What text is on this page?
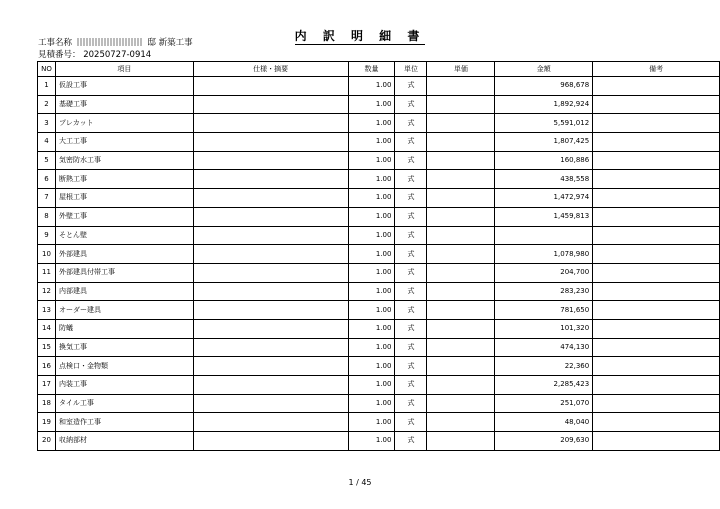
内 訳 明 細 書
工事名称	邸 新築工事
見積番号： 20250727-0914
NO	項目	仕様・摘要	数量	単位	単価	金額	備考
1	仮設工事		1.00	式		968,678	
2	基礎工事		1.00	式		1,892,924	
3	プレカット		1.00	式		5,591,012	
4	大工工事		1.00	式		1,807,425	
5	気密防水工事		1.00	式		160,886	
6	断熱工事		1.00	式		438,558	
7	屋根工事		1.00	式		1,472,974	
8	外壁工事		1.00	式		1,459,813	
9	そとん壁		1.00	式			
10	外部建具		1.00	式		1,078,980	
11	外部建具付帯工事		1.00	式		204,700	
12	内部建具		1.00	式		283,230	
13	オーダー建具		1.00	式		781,650	
14	防蟻		1.00	式		101,320	
15	換気工事		1.00	式		474,130	
16	点検口・金物類		1.00	式		22,360	
17	内装工事		1.00	式		2,285,423	
18	タイル工事		1.00	式		251,070	
19	和室造作工事		1.00	式		48,040	
20	収納部材		1.00	式		209,630	
1 / 45
